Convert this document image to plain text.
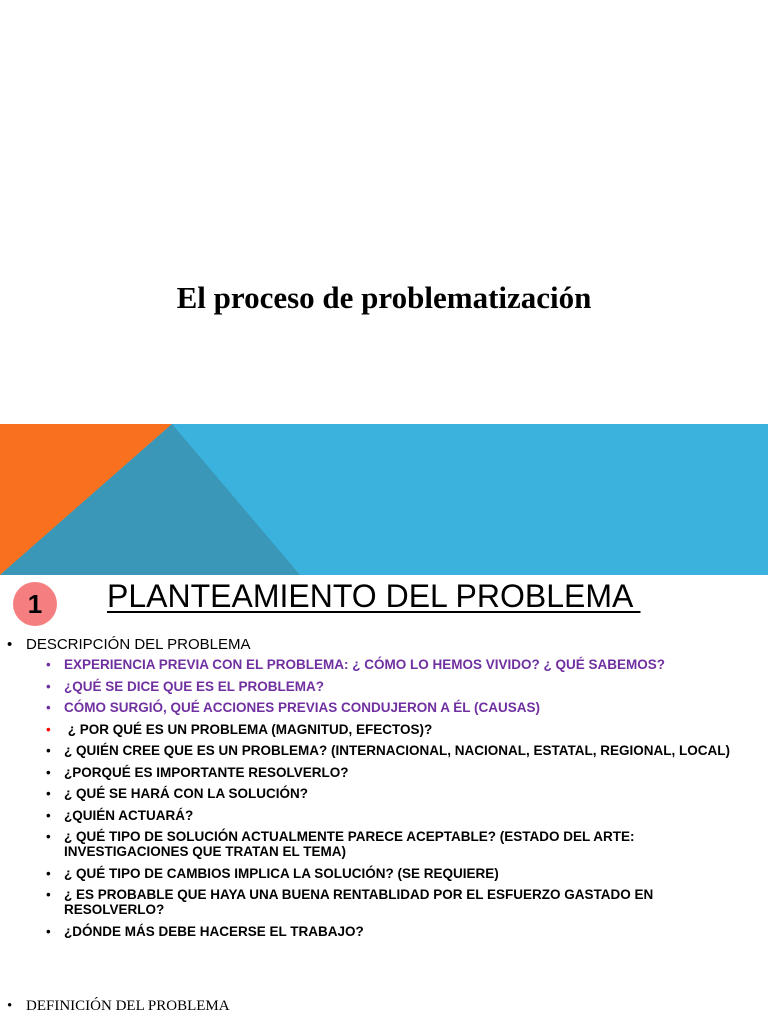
El proceso de problematización
1	PLANTEAMIENTO DEL PROBLEMA
• DESCRIPCIÓN DEL PROBLEMA
• EXPERIENCIA PREVIA CON EL PROBLEMA: ¿ CÓMO LO HEMOS VIVIDO? ¿ QUÉ SABEMOS?
• ¿QUÉ SE DICE QUE ES EL PROBLEMA?
• CÓMO SURGIÓ, QUÉ ACCIONES PREVIAS CONDUJERON A ÉL (CAUSAS)
• ¿ POR QUÉ ES UN PROBLEMA (MAGNITUD, EFECTOS)?
• ¿ QUIÉN CREE QUE ES UN PROBLEMA? (INTERNACIONAL, NACIONAL, ESTATAL, REGIONAL, LOCAL)
• ¿PORQUÉ ES IMPORTANTE RESOLVERLO?
• ¿ QUÉ SE HARÁ CON LA SOLUCIÓN?
• ¿QUIÉN ACTUARÁ?
• ¿ QUÉ TIPO DE SOLUCIÓN ACTUALMENTE PARECE ACEPTABLE? (ESTADO DEL ARTE: INVESTIGACIONES QUE TRATAN EL TEMA)
• ¿ QUÉ TIPO DE CAMBIOS IMPLICA LA SOLUCIÓN? (SE REQUIERE)
• ¿ ES PROBABLE QUE HAYA UNA BUENA RENTABLIDAD POR EL ESFUERZO GASTADO EN RESOLVERLO?
• ¿DÓNDE MÁS DEBE HACERSE EL TRABAJO?
• DEFINICIÓN DEL PROBLEMA
